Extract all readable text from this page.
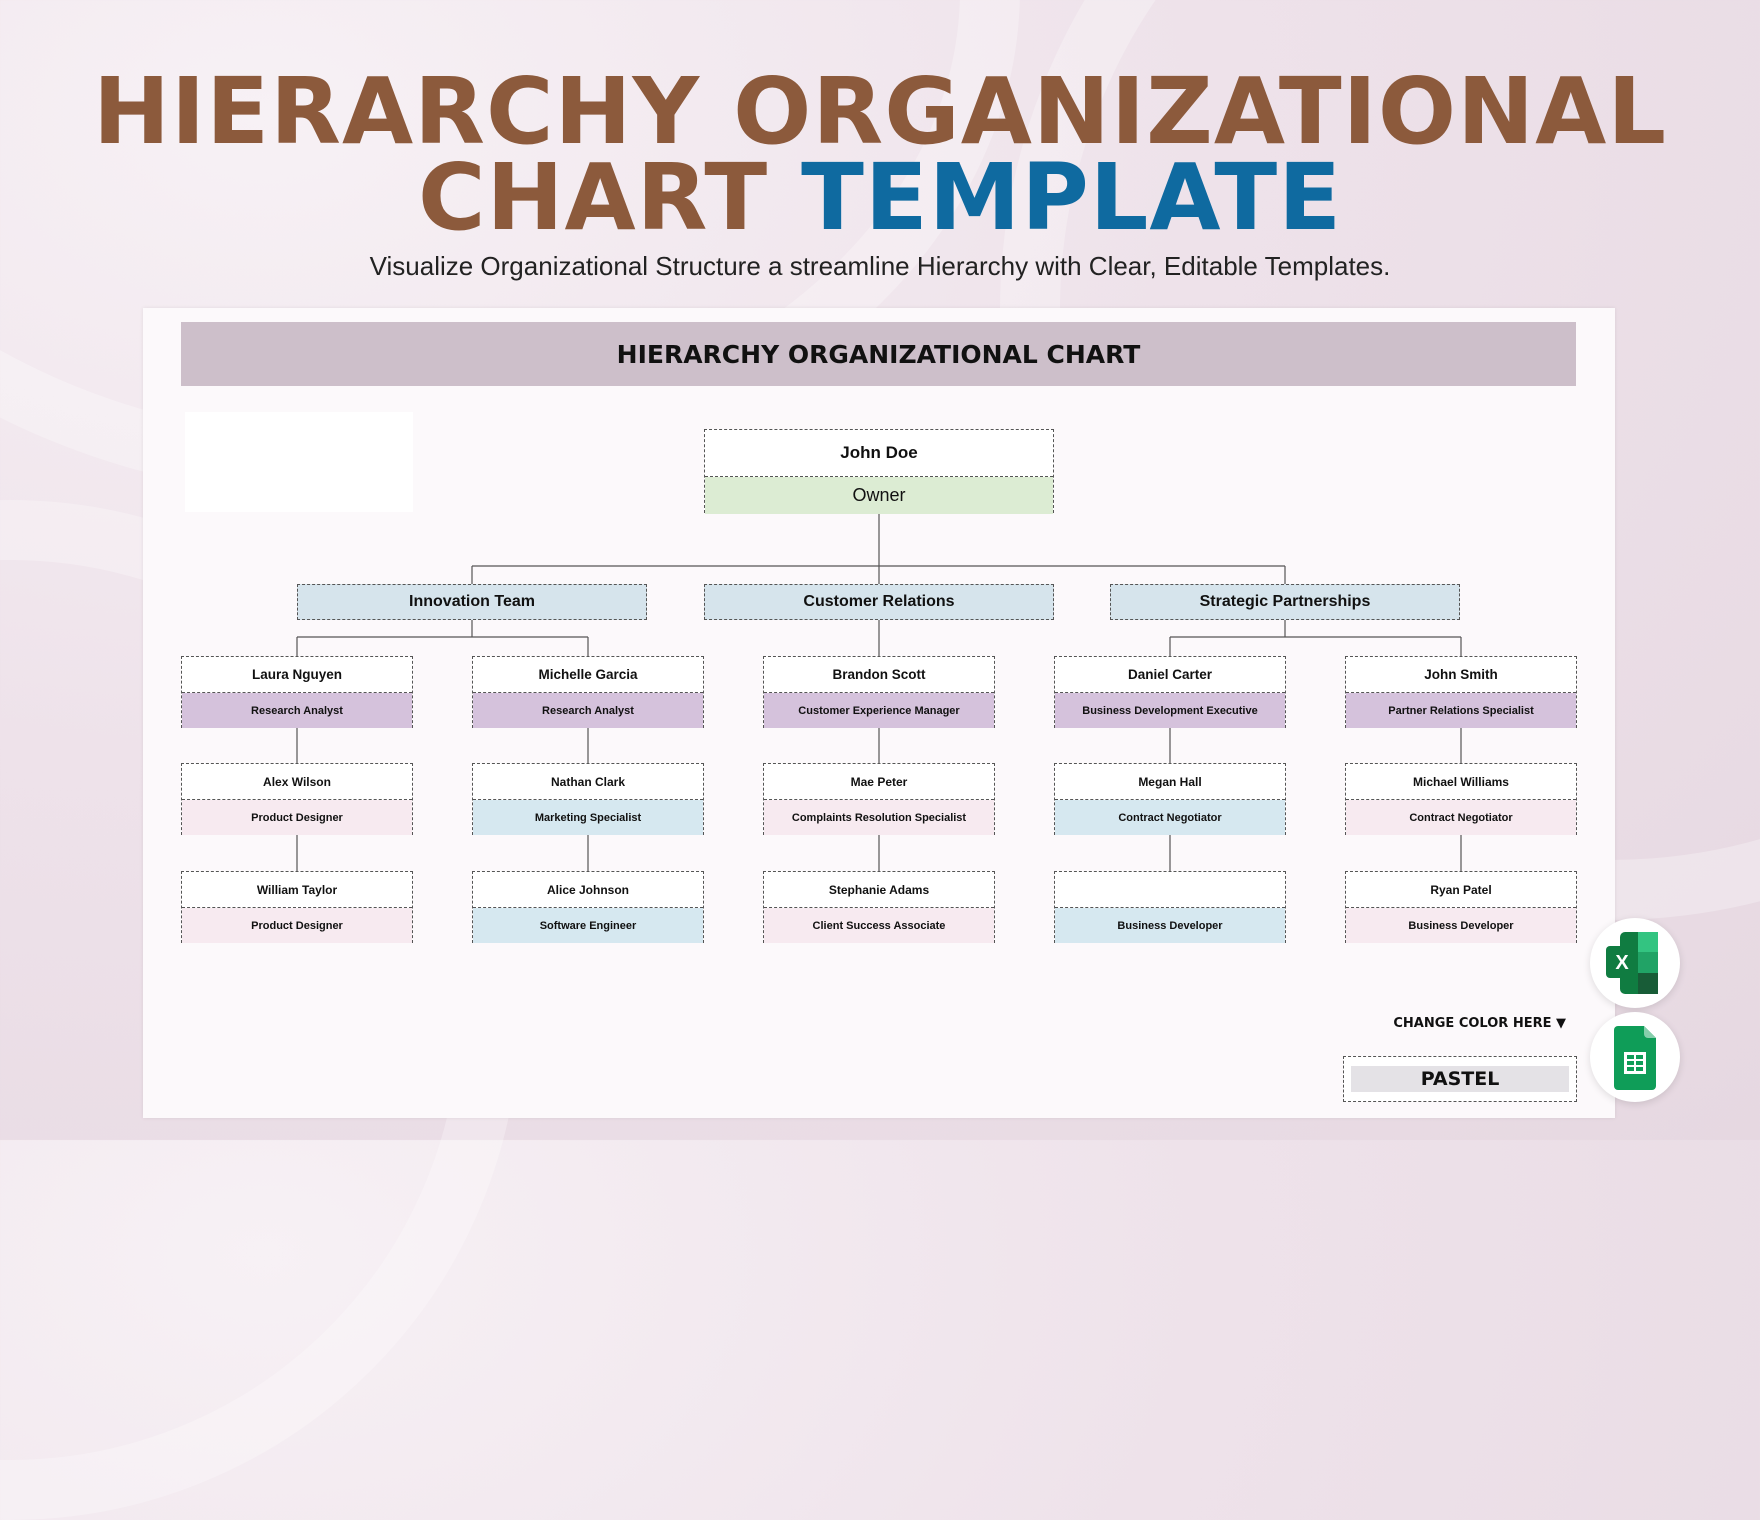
HIERARCHY ORGANIZATIONAL
CHART TEMPLATE
Visualize Organizational Structure a streamline Hierarchy with Clear, Editable Templates.
HIERARCHY ORGANIZATIONAL CHART
John Doe
Owner
Innovation Team	Customer Relations	Strategic Partnerships
Laura Nguyen
Research Analyst
Alex Wilson
Product Designer
William Taylor
Product Designer
Michelle Garcia
Research Analyst
Nathan Clark
Marketing Specialist
Alice Johnson
Software Engineer
Brandon Scott
Customer Experience Manager
Mae Peter
Complaints Resolution Specialist
Stephanie Adams
Client Success Associate
Daniel Carter
Business Development Executive
Megan Hall
Contract Negotiator
Business Developer
John Smith
Partner Relations Specialist
Michael Williams
Contract Negotiator
Ryan Patel
Business Developer
CHANGE COLOR HERE ▼
PASTEL
X
